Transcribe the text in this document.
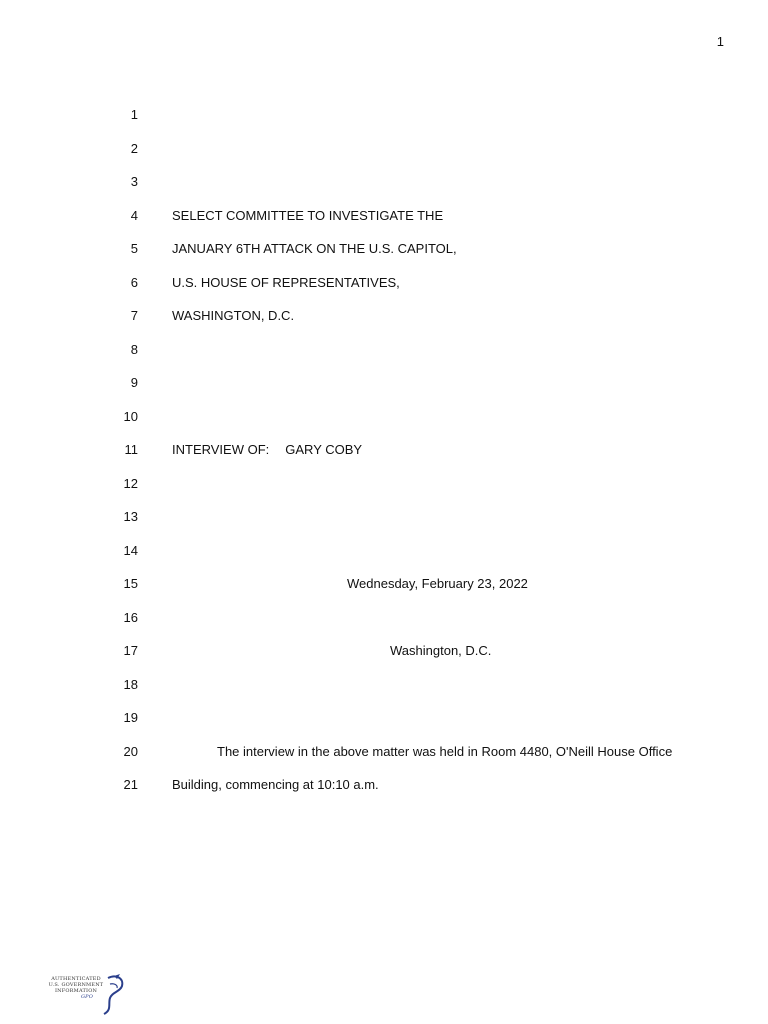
1
1
2
3
4	SELECT COMMITTEE TO INVESTIGATE THE
5	JANUARY 6TH ATTACK ON THE U.S. CAPITOL,
6	U.S. HOUSE OF REPRESENTATIVES,
7	WASHINGTON, D.C.
8
9
10
11	INTERVIEW OF: GARY COBY
12
13
14
15	Wednesday, February 23, 2022
16
17	Washington, D.C.
18
19
20	The interview in the above matter was held in Room 4480, O'Neill House Office
21	Building, commencing at 10:10 a.m.
AUTHENTICATED
U.S. GOVERNMENT
INFORMATION
GPO
